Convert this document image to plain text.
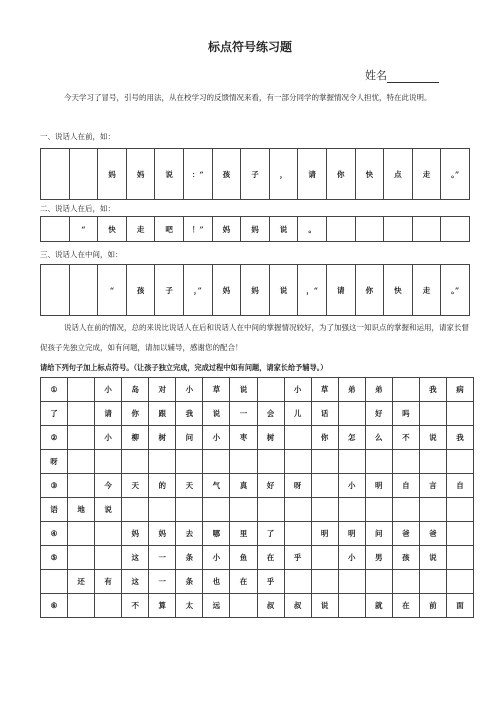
标点符号练习题
姓名
今天学习了冒号，引号的用法，从在校学习的反馈情况来看，有一部分同学的掌握情况令人担忧，特在此说明。
一、说话人在前，如：
		妈	妈	说	：“	孩	子	，	请	你	快	点	走	。”
二、说话人在后，如：
	“	快	走	吧	！”	妈	妈	说	。					
三、说话人在中间，如：
		“	孩	子	，”	妈	妈	说	，“	请	你	快	走	。”
说话人在前的情况，总的来说比说话人在后和说话人在中间的掌握情况较好，为了加强这一知识点的掌握和运用，请家长督促孩子先独立完成，如有问题，请加以辅导，感谢您的配合！
请给下列句子加上标点符号。（让孩子独立完成，完成过程中如有问题，请家长给予辅导。）
①		小	岛	对	小	草	说		小	草	弟	弟		我	病
了		请	你	跟	我	说	一	会	儿	话		好	吗		
②		小	柳	树	问	小	枣	树		你	怎	么	不	说	我
呀															
③		今	天	的	天	气	真	好	呀		小	明	自	言	自
语	地	说													
④			妈	妈	去	哪	里	了		明	明	问	爸	爸	
⑤			这	一	条	小	鱼	在	乎		小	男	孩	说	
	还	有	这	一	条	也	在	乎							
⑥			不	算	太	远		叔	叔	说		就	在	前	面
